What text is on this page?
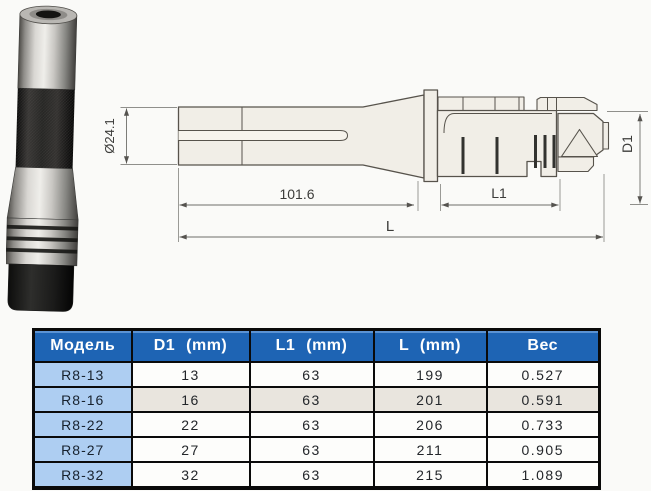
Ø24.1
101.6	L1
L
D1
Модель	D1 (mm)	L1 (mm)	L (mm)	Вес
R8-13	13	63	199	0.527
R8-16	16	63	201	0.591
R8-22	22	63	206	0.733
R8-27	27	63	211	0.905
R8-32	32	63	215	1.089
